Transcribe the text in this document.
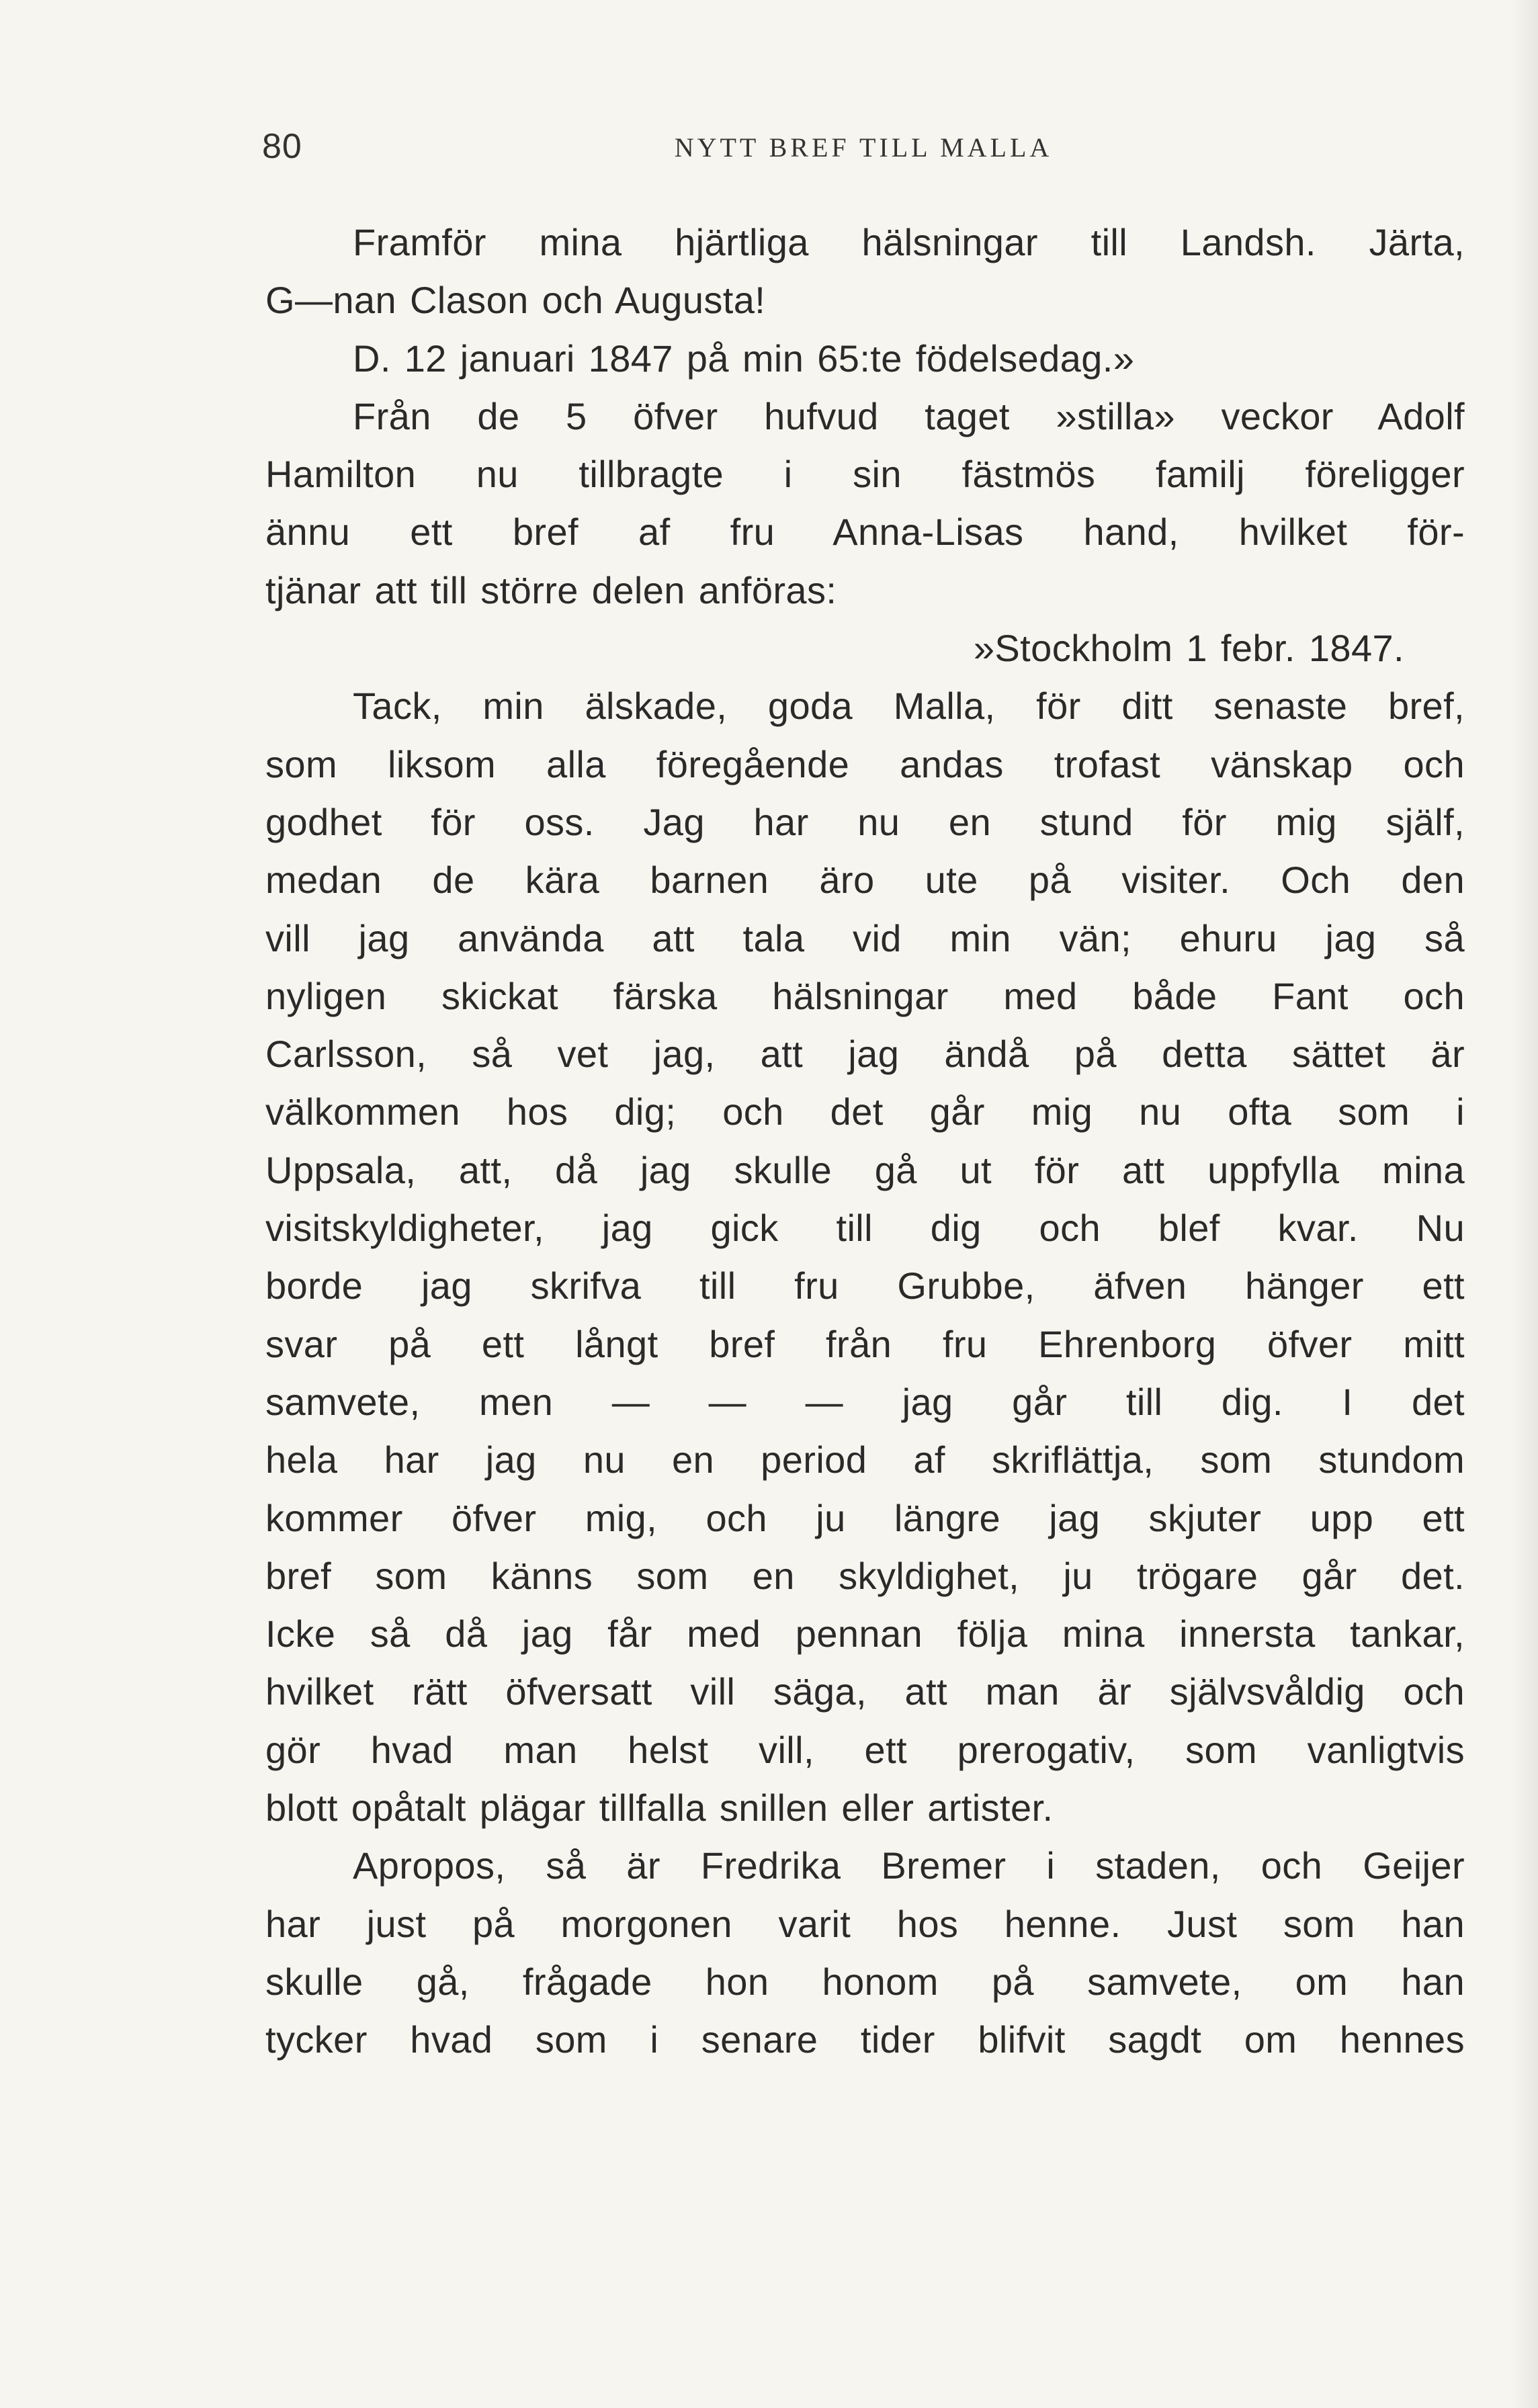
80	NYTT BREF TILL MALLA
Framför mina hjärtliga hälsningar till Landsh. Järta,
G—nan Clason och Augusta!
D. 12 januari 1847 på min 65:te födelsedag.»
Från de 5 öfver hufvud taget »stilla» veckor Adolf
Hamilton nu tillbragte i sin fästmös familj föreligger
ännu ett bref af fru Anna-Lisas hand, hvilket för-
tjänar att till större delen anföras:
»Stockholm 1 febr. 1847.
Tack, min älskade, goda Malla, för ditt senaste bref,
som liksom alla föregående andas trofast vänskap och
godhet för oss. Jag har nu en stund för mig själf,
medan de kära barnen äro ute på visiter. Och den
vill jag använda att tala vid min vän; ehuru jag så
nyligen skickat färska hälsningar med både Fant och
Carlsson, så vet jag, att jag ändå på detta sättet är
välkommen hos dig; och det går mig nu ofta som i
Uppsala, att, då jag skulle gå ut för att uppfylla mina
visitskyldigheter, jag gick till dig och blef kvar. Nu
borde jag skrifva till fru Grubbe, äfven hänger ett
svar på ett långt bref från fru Ehrenborg öfver mitt
samvete, men — — — jag går till dig. I det
hela har jag nu en period af skriflättja, som stundom
kommer öfver mig, och ju längre jag skjuter upp ett
bref som känns som en skyldighet, ju trögare går det.
Icke så då jag får med pennan följa mina innersta tankar,
hvilket rätt öfversatt vill säga, att man är självsvåldig och
gör hvad man helst vill, ett prerogativ, som vanligtvis
blott opåtalt plägar tillfalla snillen eller artister.
Apropos, så är Fredrika Bremer i staden, och Geijer
har just på morgonen varit hos henne. Just som han
skulle gå, frågade hon honom på samvete, om han
tycker hvad som i senare tider blifvit sagdt om hennes
